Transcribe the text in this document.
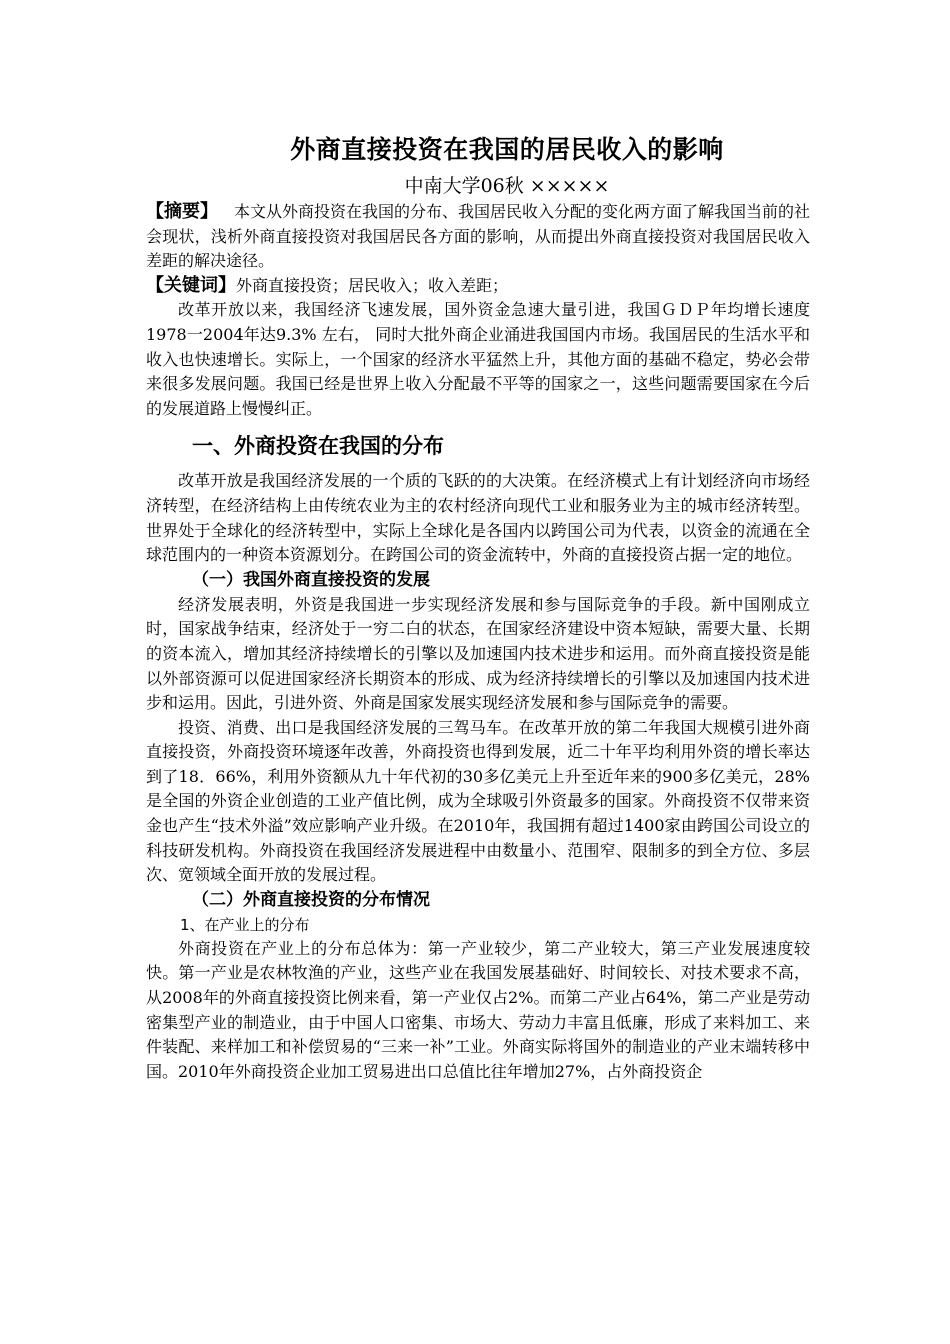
外商直接投资在我国的居民收入的影响
中南大学06秋 ×××××

【摘要】  本文从外商投资在我国的分布、我国居民收入分配的变化两方面了解我国当前的社会现状，浅析外商直接投资对我国居民各方面的影响，从而提出外商直接投资对我国居民收入差距的解决途径。

【关键词】外商直接投资；居民收入；收入差距；

改革开放以来，我国经济飞速发展，国外资金急速大量引进，我国ＧＤＰ年均增长速度1978一2004年达9.3% 左右， 同时大批外商企业涌进我国国内市场。我国居民的生活水平和收入也快速增长。实际上，一个国家的经济水平猛然上升，其他方面的基础不稳定，势必会带来很多发展问题。我国已经是世界上收入分配最不平等的国家之一，这些问题需要国家在今后的发展道路上慢慢纠正。

一、外商投资在我国的分布

改革开放是我国经济发展的一个质的飞跃的的大决策。在经济模式上有计划经济向市场经济转型，在经济结构上由传统农业为主的农村经济向现代工业和服务业为主的城市经济转型。世界处于全球化的经济转型中，实际上全球化是各国内以跨国公司为代表，以资金的流通在全球范围内的一种资本资源划分。在跨国公司的资金流转中，外商的直接投资占据一定的地位。

（一）我国外商直接投资的发展

经济发展表明，外资是我国进一步实现经济发展和参与国际竞争的手段。新中国刚成立时，国家战争结束，经济处于一穷二白的状态，在国家经济建设中资本短缺，需要大量、长期的资本流入，增加其经济持续增长的引擎以及加速国内技术进步和运用。而外商直接投资是能以外部资源可以促进国家经济长期资本的形成、成为经济持续增长的引擎以及加速国内技术进步和运用。因此，引进外资、外商是国家发展实现经济发展和参与国际竞争的需要。

投资、消费、出口是我国经济发展的三驾马车。在改革开放的第二年我国大规模引进外商直接投资，外商投资环境逐年改善，外商投资也得到发展，近二十年平均利用外资的增长率达到了18．66%，利用外资额从九十年代初的30多亿美元上升至近年来的900多亿美元，28%是全国的外资企业创造的工业产值比例，成为全球吸引外资最多的国家。外商投资不仅带来资金也产生“技术外溢”效应影响产业升级。在2010年，我国拥有超过1400家由跨国公司设立的科技研发机构。外商投资在我国经济发展进程中由数量小、范围窄、限制多的到全方位、多层次、宽领域全面开放的发展过程。

（二）外商直接投资的分布情况
1、在产业上的分布

外商投资在产业上的分布总体为：第一产业较少，第二产业较大，第三产业发展速度较快。第一产业是农林牧渔的产业，这些产业在我国发展基础好、时间较长、对技术要求不高，从2008年的外商直接投资比例来看，第一产业仅占2%。而第二产业占64%，第二产业是劳动密集型产业的制造业，由于中国人口密集、市场大、劳动力丰富且低廉，形成了来料加工、来件装配、来样加工和补偿贸易的“三来一补”工业。外商实际将国外的制造业的产业末端转移中国。2010年外商投资企业加工贸易进出口总值比往年增加27%，占外商投资企
